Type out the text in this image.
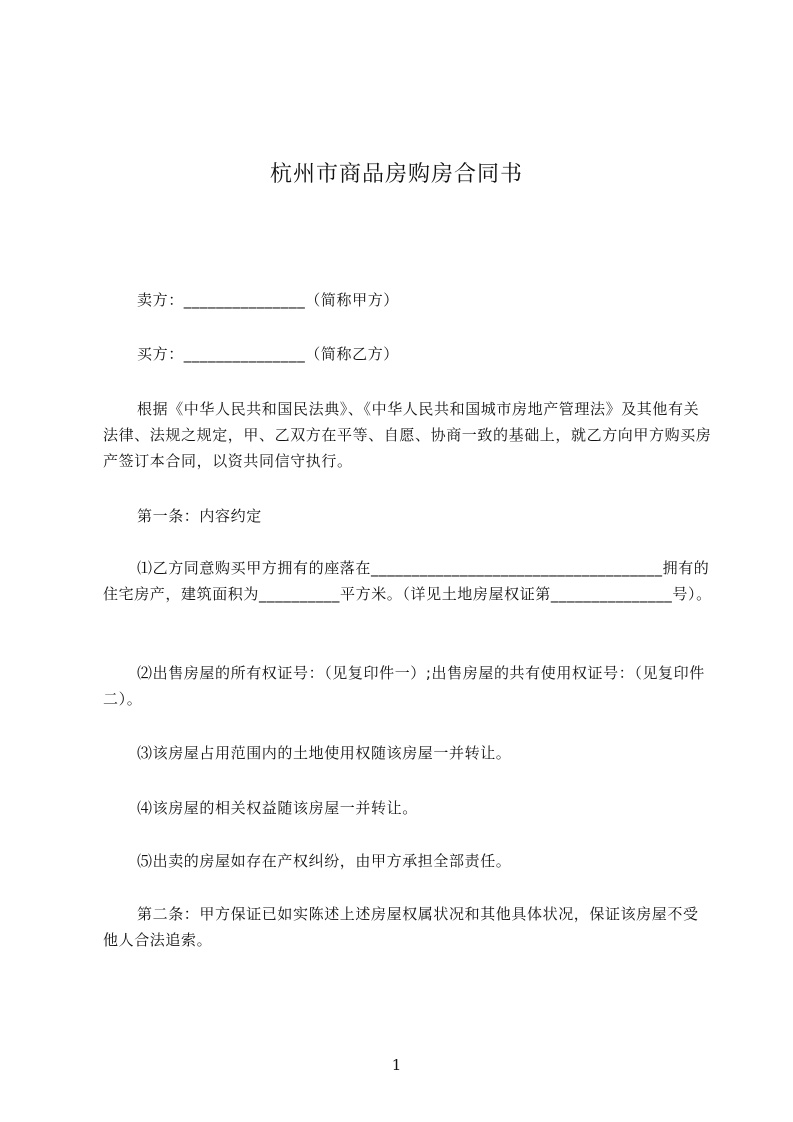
杭州市商品房购房合同书

卖方：_______________（简称甲方）

买方：_______________（简称乙方）

根据《中华人民共和国民法典》、《中华人民共和国城市房地产管理法》及其他有关法律、法规之规定，甲、乙双方在平等、自愿、协商一致的基础上，就乙方向甲方购买房产签订本合同，以资共同信守执行。

第一条：内容约定

⑴乙方同意购买甲方拥有的座落在____________________________________拥有的住宅房产，建筑面积为__________平方米。（详见土地房屋权证第_______________号）。

⑵出售房屋的所有权证号：（见复印件一）;出售房屋的共有使用权证号：（见复印件二）。

⑶该房屋占用范围内的土地使用权随该房屋一并转让。

⑷该房屋的相关权益随该房屋一并转让。

⑸出卖的房屋如存在产权纠纷，由甲方承担全部责任。

第二条：甲方保证已如实陈述上述房屋权属状况和其他具体状况，保证该房屋不受他人合法追索。

1
